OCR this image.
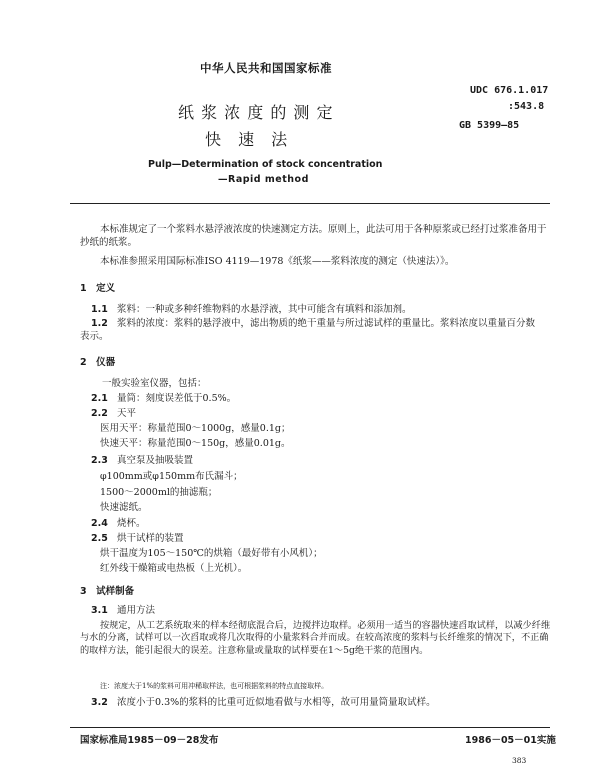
中华人民共和国国家标准
UDC 676.1.017
:543.8
GB 5399—85
纸 浆 浓 度 的 测 定
快 速 法
Pulp—Determination of stock concentration
—Rapid method
本标准规定了一个浆料水悬浮液浓度的快速测定方法。原则上，此法可用于各种原浆或已经打过浆准备用于抄纸的纸浆。
本标准参照采用国际标准ISO 4119—1978《纸浆——浆料浓度的测定（快速法）》。
1　定义
1.1 浆料：一种或多种纤维物料的水悬浮液，其中可能含有填料和添加剂。
1.2 浆料的浓度：浆料的悬浮液中，滤出物质的绝干重量与所过滤试样的重量比。浆料浓度以重量百分数表示。
2　仪器
一般实验室仪器，包括：
2.1 量筒：刻度误差低于0.5%。
2.2 天平
医用天平：称量范围0～1000g，感量0.1g；
快速天平：称量范围0～150g，感量0.01g。
2.3 真空泵及抽吸装置
φ100mm或φ150mm布氏漏斗；
1500～2000ml的抽滤瓶；
快速滤纸。
2.4 烧杯。
2.5 烘干试样的装置
烘干温度为105～150℃的烘箱（最好带有小风机）；
红外线干燥箱或电热板（上光机）。
3　试样制备
3.1 通用方法
按规定，从工艺系统取来的样本经彻底混合后，边搅拌边取样。必须用一适当的容器快速舀取试样，以减少纤维与水的分离，试样可以一次舀取或将几次取得的小量浆料合并而成。在较高浓度的浆料与长纤维浆的情况下，不正确的取样方法，能引起很大的误差。注意称量或量取的试样要在1～5g绝干浆的范围内。
注：浓度大于1%的浆料可用冲稀取样法，也可根据浆料的特点直接取样。
3.2 浓度小于0.3%的浆料的比重可近似地看做与水相等，故可用量筒量取试样。
国家标准局1985－09－28发布	1986－05－01实施
383
